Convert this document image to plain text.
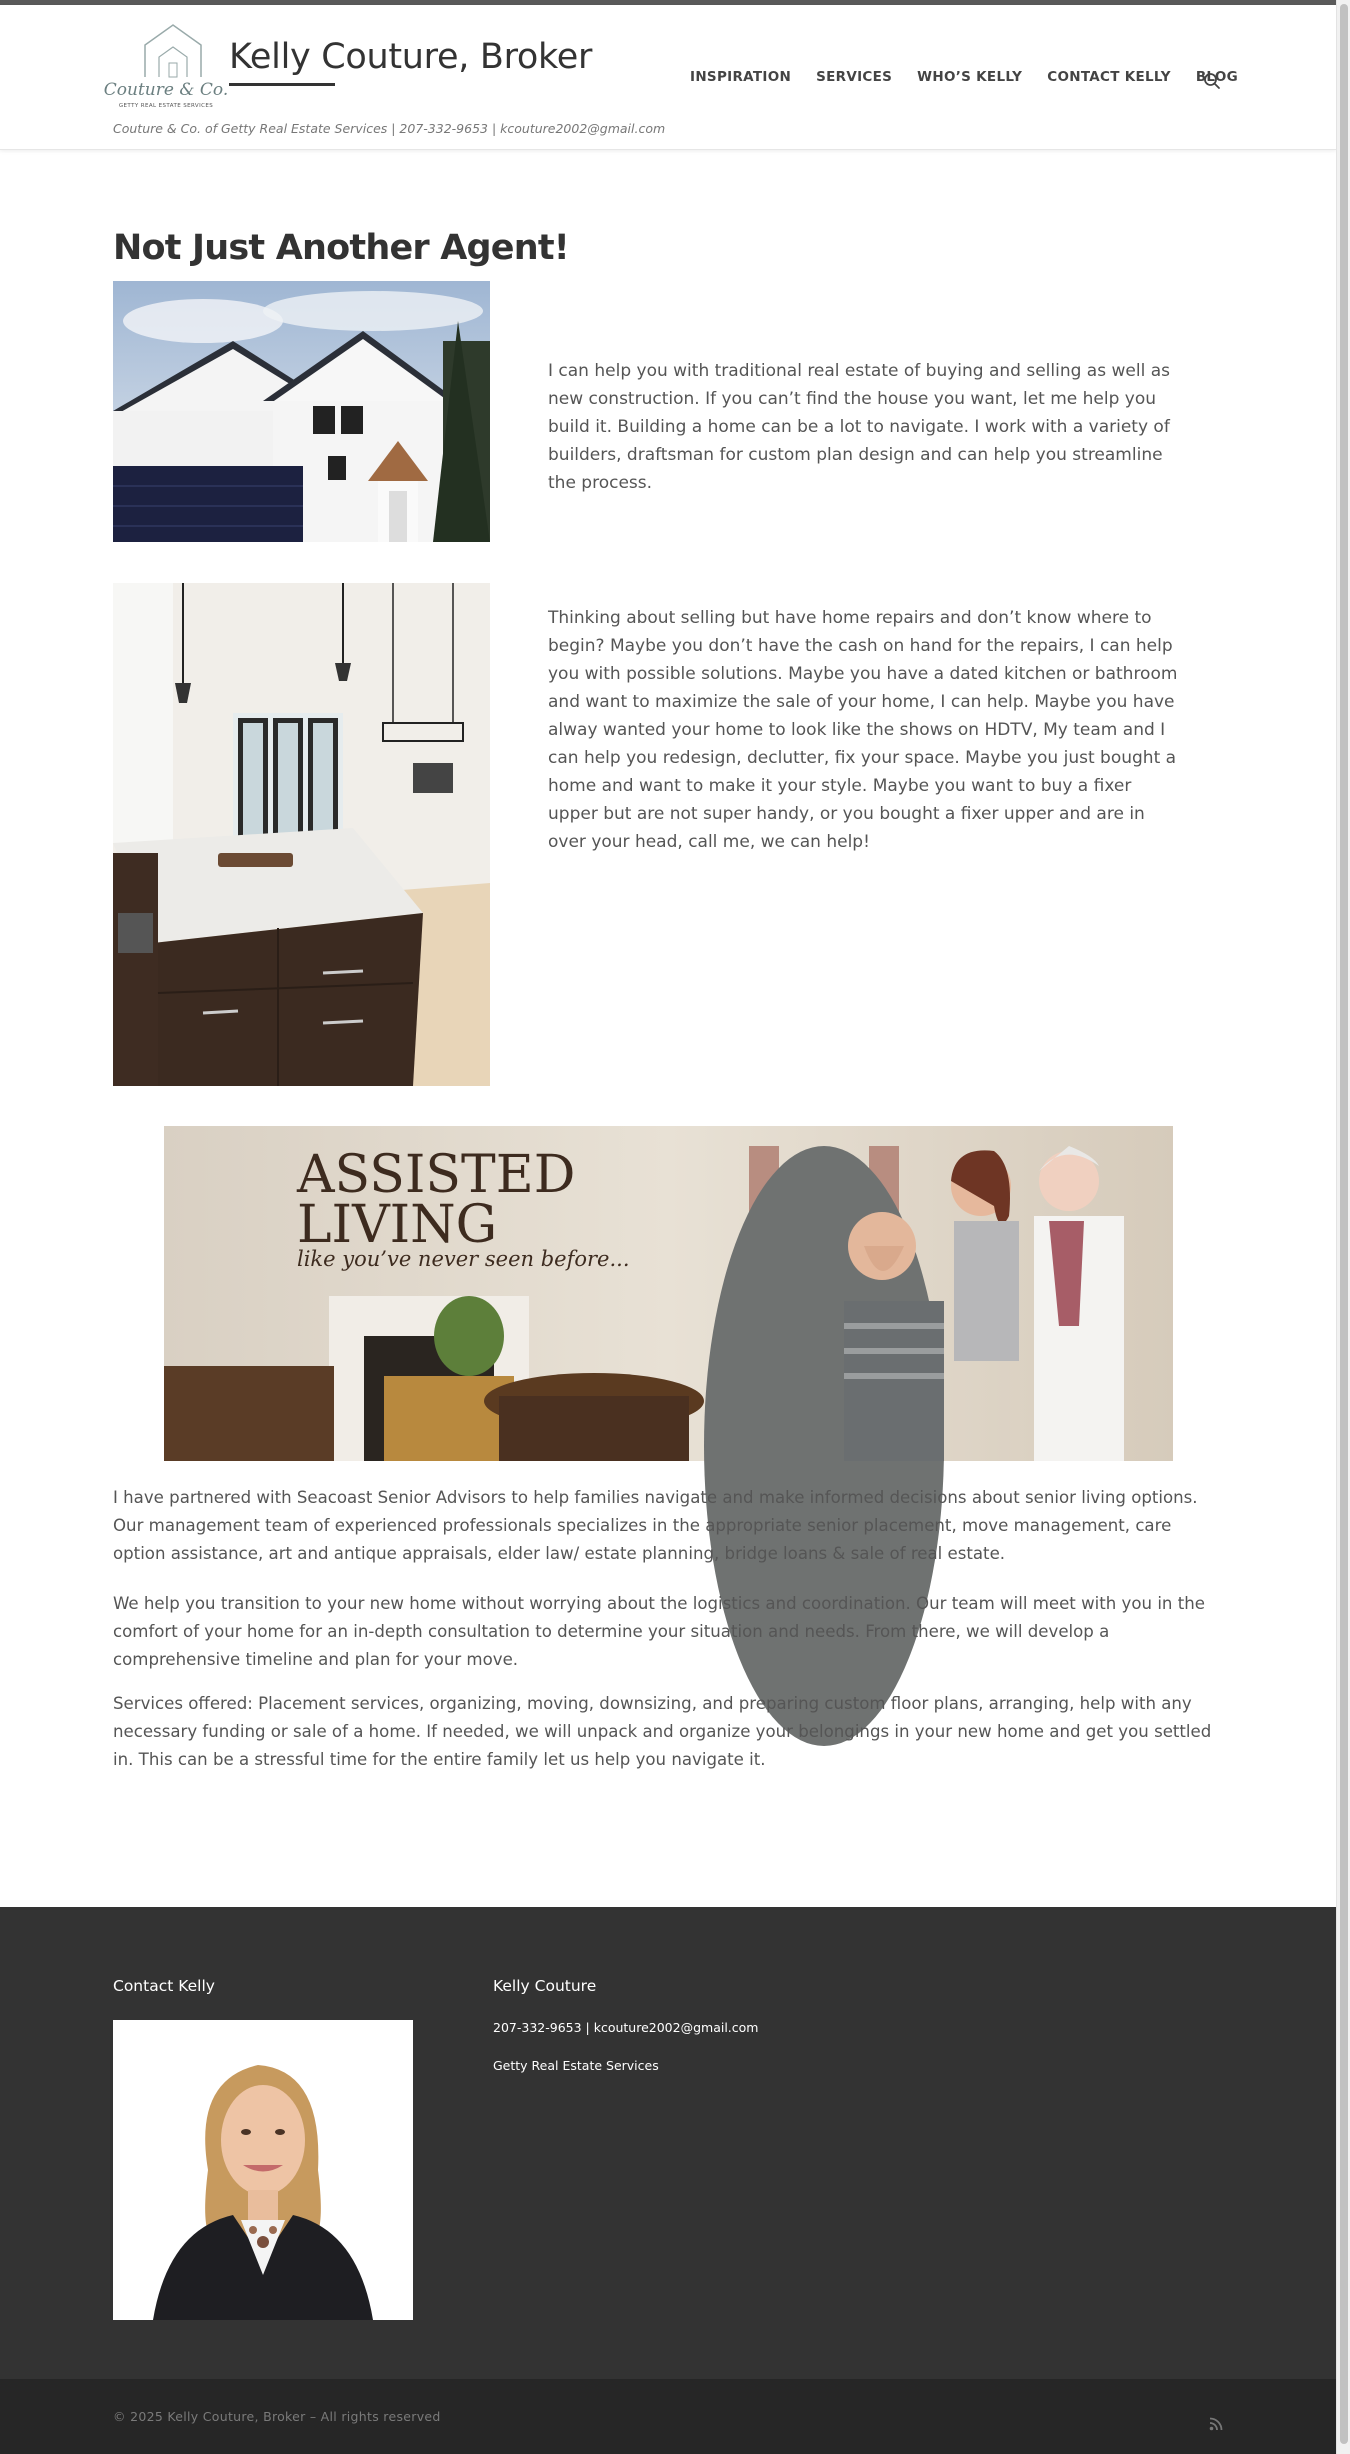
Couture & Co.
GETTY REAL ESTATE SERVICES
Kelly Couture, Broker
Couture & Co. of Getty Real Estate Services | 207-332-9653 | kcouture2002@gmail.com
INSPIRATION SERVICES WHO’S KELLY CONTACT KELLY BLOG
Not Just Another Agent!
I can help you with traditional real estate of buying and selling as well as new construction. If you can’t find the house you want, let me help you build it. Building a home can be a lot to navigate. I work with a variety of builders, draftsman for custom plan design and can help you streamline the process.
Thinking about selling but have home repairs and don’t know where to begin? Maybe you don’t have the cash on hand for the repairs, I can help you with possible solutions. Maybe you have a dated kitchen or bathroom and want to maximize the sale of your home, I can help. Maybe you have alway wanted your home to look like the shows on HDTV, My team and I can help you redesign, declutter, fix your space. Maybe you just bought a home and want to make it your style. Maybe you want to buy a fixer upper but are not super handy, or you bought a fixer upper and are in over your head, call me, we can help!
ASSISTED
LIVING
like you’ve never seen before...

I have partnered with Seacoast Senior Advisors to help families navigate and make informed decisions about senior living options. Our management team of experienced professionals specializes in the appropriate senior placement, move management, care option assistance, art and antique appraisals, elder law/ estate planning, bridge loans & sale of real estate.

We help you transition to your new home without worrying about the logistics and coordination. Our team will meet with you in the comfort of your home for an in-depth consultation to determine your situation and needs. From there, we will develop a comprehensive timeline and plan for your move.

Services offered: Placement services, organizing, moving, downsizing, and preparing custom floor plans, arranging, help with any necessary funding or sale of a home. If needed, we will unpack and organize your belongings in your new home and get you settled in. This can be a stressful time for the entire family let us help you navigate it.

Contact Kelly	Kelly Couture
207-332-9653 | kcouture2002@gmail.com
Getty Real Estate Services
© 2025 Kelly Couture, Broker – All rights reserved
